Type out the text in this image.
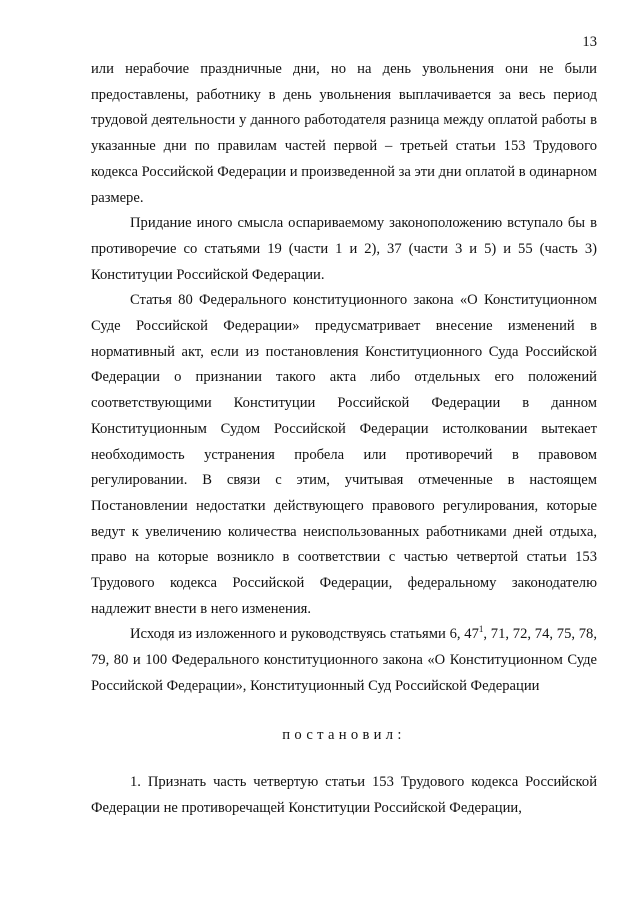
13

или нерабочие праздничные дни, но на день увольнения они не были предоставлены, работнику в день увольнения выплачивается за весь период трудовой деятельности у данного работодателя разница между оплатой работы в указанные дни по правилам частей первой – третьей статьи 153 Трудового кодекса Российской Федерации и произведенной за эти дни оплатой в одинарном размере.

Придание иного смысла оспариваемому законоположению вступало бы в противоречие со статьями 19 (части 1 и 2), 37 (части 3 и 5) и 55 (часть 3) Конституции Российской Федерации.

Статья 80 Федерального конституционного закона «О Конституционном Суде Российской Федерации» предусматривает внесение изменений в нормативный акт, если из постановления Конституционного Суда Российской Федерации о признании такого акта либо отдельных его положений соответствующими Конституции Российской Федерации в данном Конституционным Судом Российской Федерации истолковании вытекает необходимость устранения пробела или противоречий в правовом регулировании. В связи с этим, учитывая отмеченные в настоящем Постановлении недостатки действующего правового регулирования, которые ведут к увеличению количества неиспользованных работниками дней отдыха, право на которые возникло в соответствии с частью четвертой статьи 153 Трудового кодекса Российской Федерации, федеральному законодателю надлежит внести в него изменения.

Исходя из изложенного и руководствуясь статьями 6, $47^1$, 71, 72, 74, 75, 78, 79, 80 и 100 Федерального конституционного закона «О Конституционном Суде Российской Федерации», Конституционный Суд Российской Федерации

постановил:

1. Признать часть четвертую статьи 153 Трудового кодекса Российской Федерации не противоречащей Конституции Российской Федерации,
